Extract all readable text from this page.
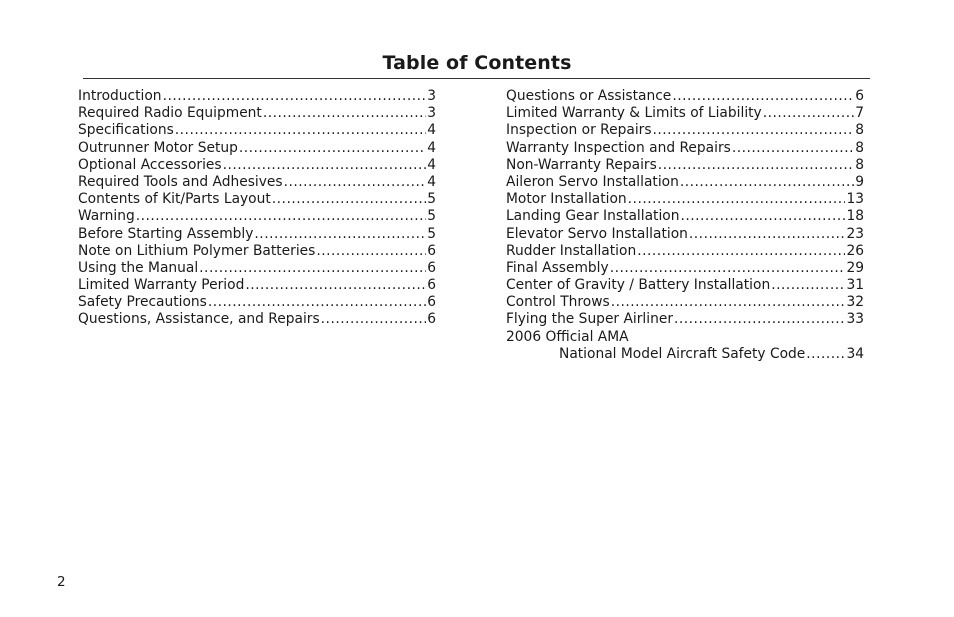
Table of Contents
Introduction .....	3
Required Radio Equipment .....	3
Specifications .....	4
Outrunner Motor Setup .....	4
Optional Accessories .....	4
Required Tools and Adhesives .....	4
Contents of Kit/Parts Layout .....	5
Warning .....	5
Before Starting Assembly .....	5
Note on Lithium Polymer Batteries .....	6
Using the Manual .....	6
Limited Warranty Period .....	6
Safety Precautions .....	6
Questions, Assistance, and Repairs .....	6
Questions or Assistance .....	6
Limited Warranty & Limits of Liability .....	7
Inspection or Repairs .....	8
Warranty Inspection and Repairs .....	8
Non-Warranty Repairs .....	8
Aileron Servo Installation .....	9
Motor Installation .....	13
Landing Gear Installation .....	18
Elevator Servo Installation .....	23
Rudder Installation .....	26
Final Assembly .....	29
Center of Gravity / Battery Installation .....	31
Control Throws .....	32
Flying the Super Airliner .....	33
2006 Official AMA
National Model Aircraft Safety Code .....	34
2
